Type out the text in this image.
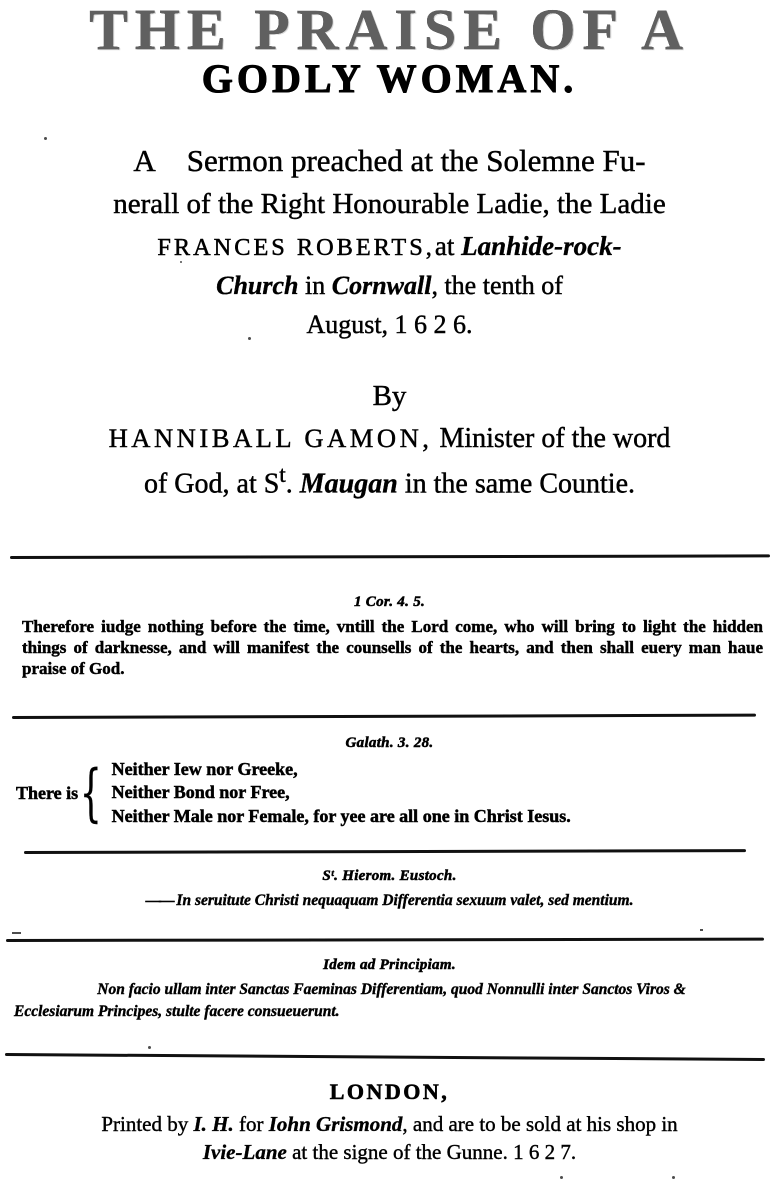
THE PRAISE OF A
GODLY WOMAN.
A Sermon preached at the Solemne Fu-
nerall of the Right Honourable Ladie, the Ladie
FRANCES ROBERTS,at Lanhide-rock-
Church in Cornwall, the tenth of
August, 1 6 2 6.
By
HANNIBALL GAMON, Minister of the word
of God, at $S^t$. Maugan in the same Countie.
1 Cor. 4. 5.

Therefore iudge nothing before the time, vntill the Lord come, who will bring to light the hidden things of darknesse, and will manifest the counsells of the hearts, and then shall euery man haue praise of God.

Galath. 3. 28.
There is { Neither Iew nor Greeke,
Neither Bond nor Free,
Neither Male nor Female, for yee are all one in Christ Iesus.
Sᵗ. Hierom. Eustoch.
—— In seruitute Christi nequaquam Differentia sexuum valet, sed mentium.
Idem ad Principiam.

Non facio ullam inter Sanctas Faeminas Differentiam, quod Nonnulli inter Sanctos Viros &

Ecclesiarum Principes, stulte facere consueuerunt.

LONDON,
Printed by I. H. for Iohn Grismond, and are to be sold at his shop in
Ivie-Lane at the signe of the Gunne. 1 6 2 7.
